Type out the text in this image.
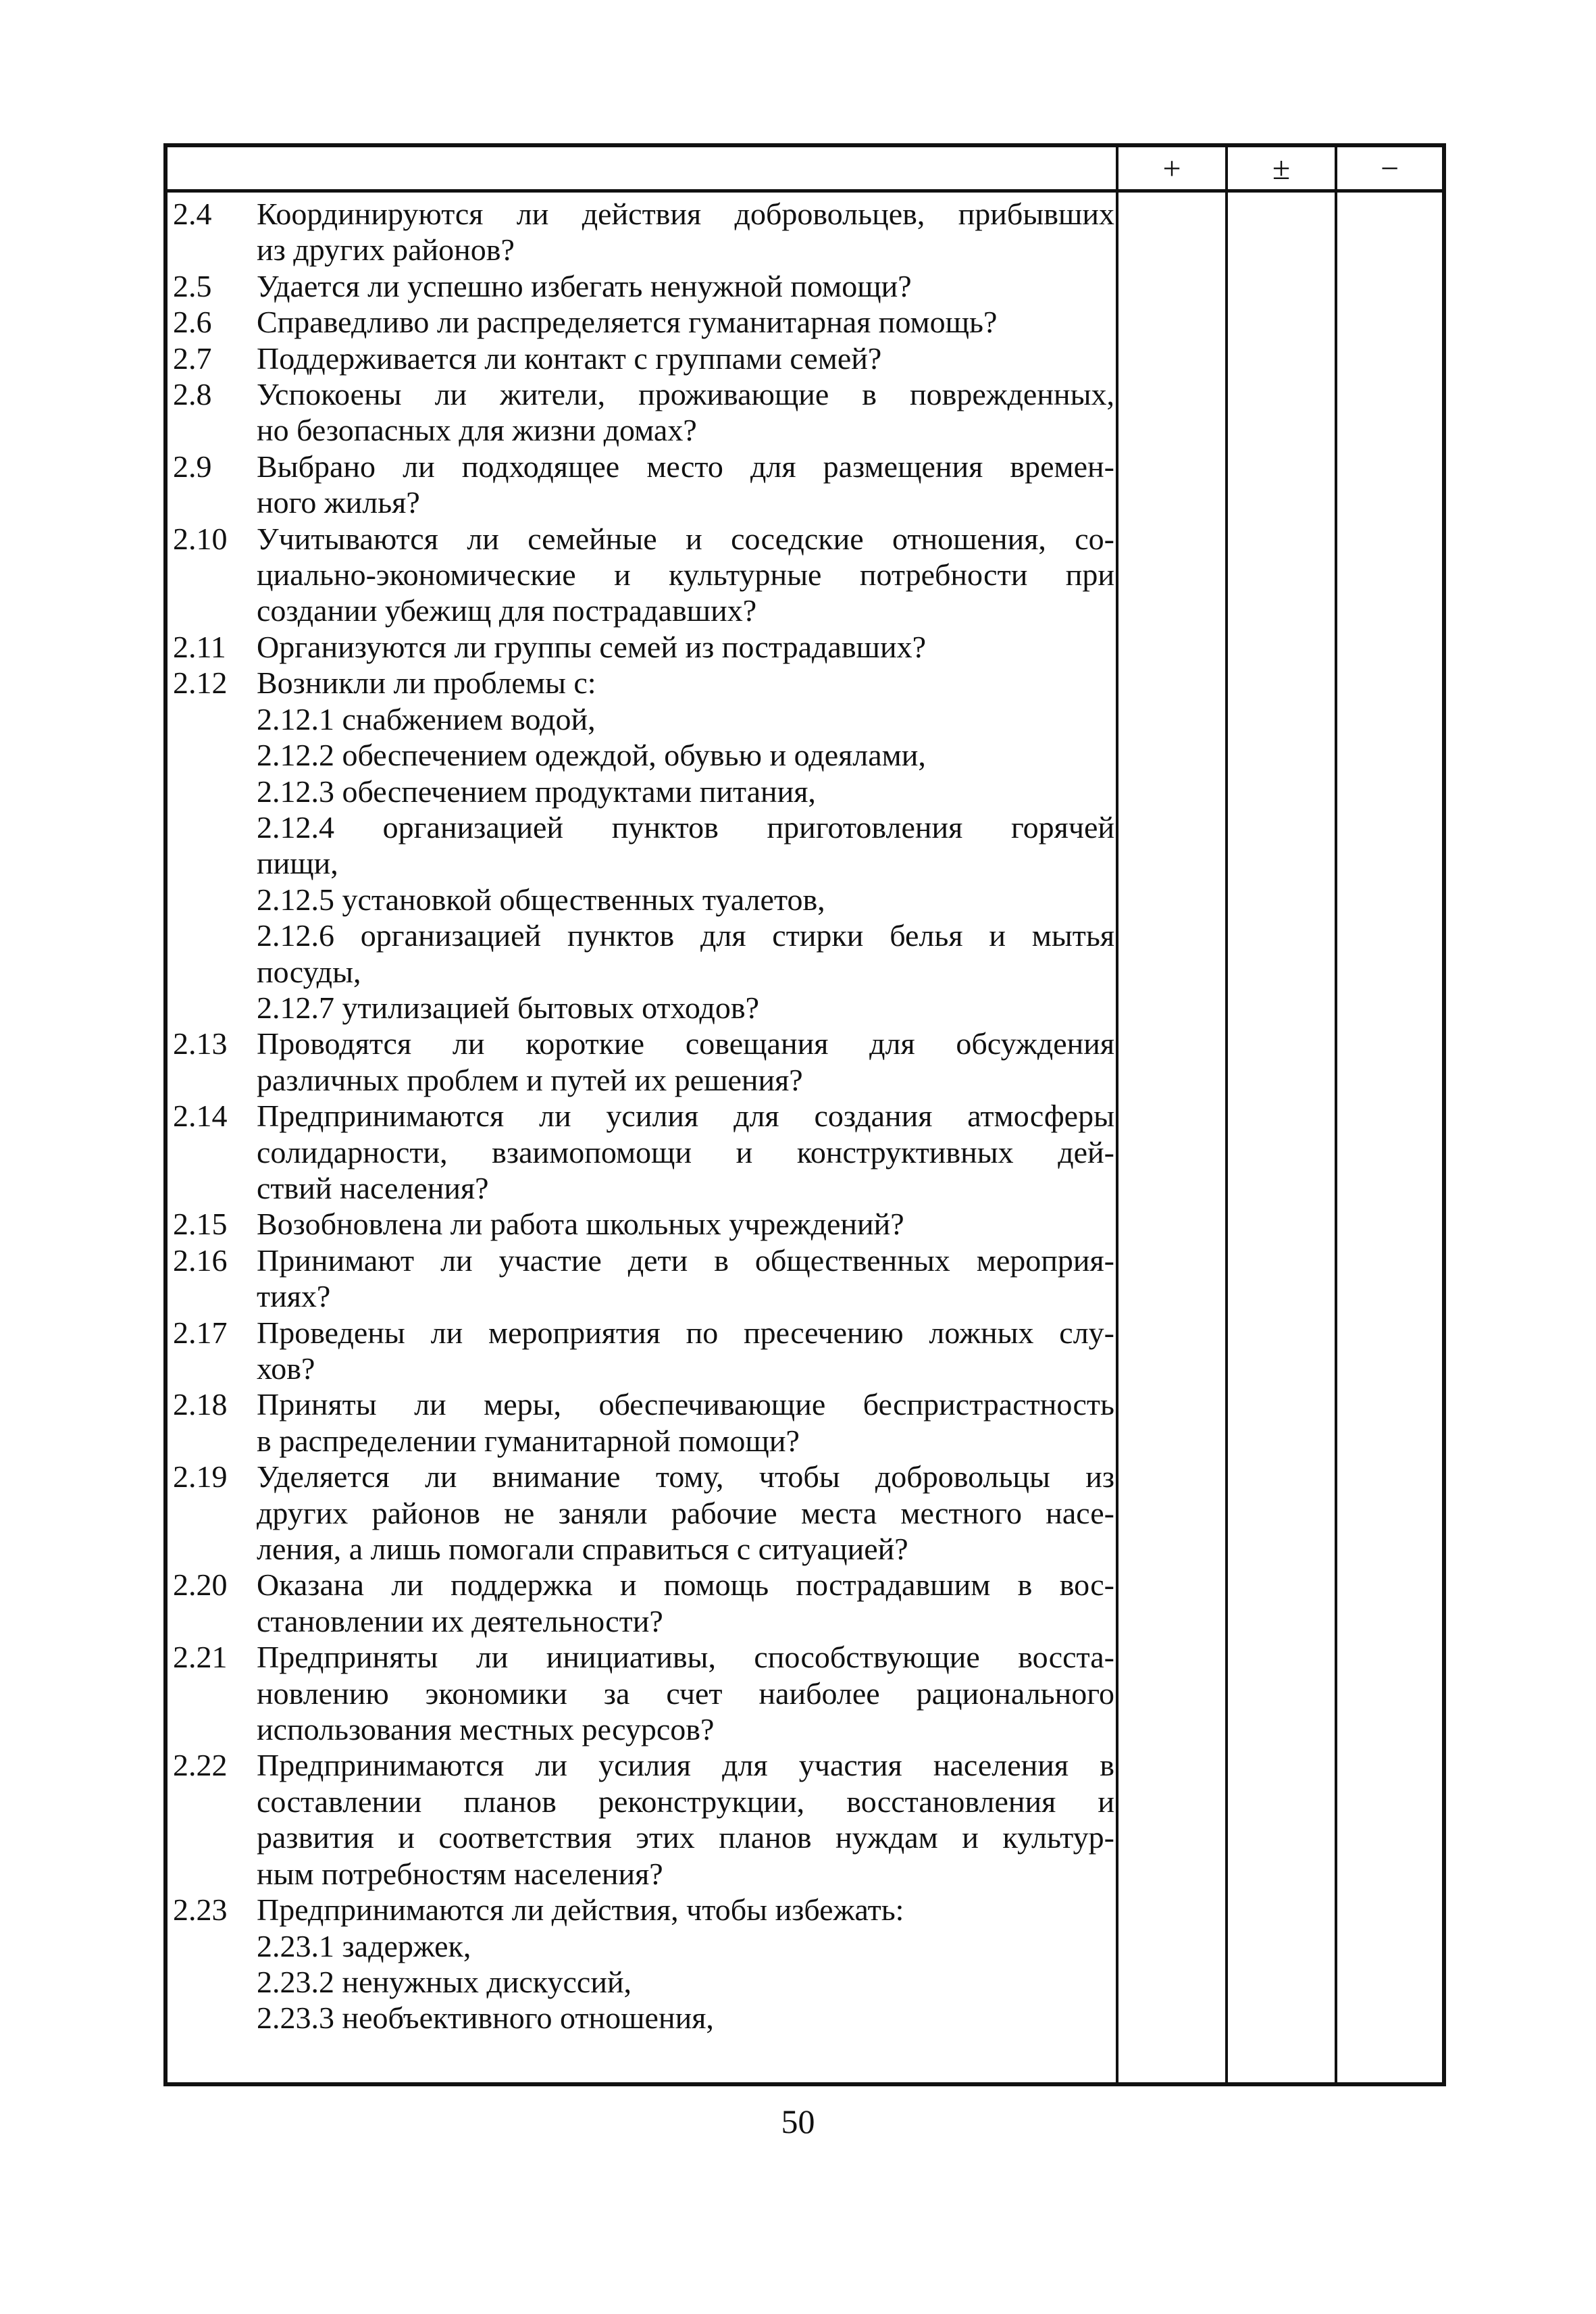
+	±	−
2.4	Координируются ли действия добровольцев, прибывших
из других районов?
2.5	Удается ли успешно избегать ненужной помощи?
2.6	Справедливо ли распределяется гуманитарная помощь?
2.7	Поддерживается ли контакт с группами семей?
2.8	Успокоены ли жители, проживающие в поврежденных,
но безопасных для жизни домах?
2.9	Выбрано ли подходящее место для размещения времен-
ного жилья?
2.10 Учитываются ли семейные и соседские отношения, со-
циально-экономические и культурные потребности при
создании убежищ для пострадавших?
2.11 Организуются ли группы семей из пострадавших?
2.12 Возникли ли проблемы с:
2.12.1 снабжением водой,
2.12.2 обеспечением одеждой, обувью и одеялами,
2.12.3 обеспечением продуктами питания,
2.12.4 организацией пунктов приготовления горячей
пищи,
2.12.5 установкой общественных туалетов,
2.12.6 организацией пунктов для стирки белья и мытья
посуды,
2.12.7 утилизацией бытовых отходов?
2.13 Проводятся ли короткие совещания для обсуждения
различных проблем и путей их решения?
2.14 Предпринимаются ли усилия для создания атмосферы
солидарности, взаимопомощи и конструктивных дей-
ствий населения?
2.15 Возобновлена ли работа школьных учреждений?
2.16 Принимают ли участие дети в общественных мероприя-
тиях?
2.17 Проведены ли мероприятия по пресечению ложных слу-
хов?
2.18 Приняты ли меры, обеспечивающие беспристрастность
в распределении гуманитарной помощи?
2.19 Уделяется ли внимание тому, чтобы добровольцы из
других районов не заняли рабочие места местного насе-
ления, а лишь помогали справиться с ситуацией?
2.20 Оказана ли поддержка и помощь пострадавшим в вос-
становлении их деятельности?
2.21 Предприняты ли инициативы, способствующие восста-
новлению экономики за счет наиболее рационального
использования местных ресурсов?
2.22 Предпринимаются ли усилия для участия населения в
составлении планов реконструкции, восстановления и
развития и соответствия этих планов нуждам и культур-
ным потребностям населения?
2.23 Предпринимаются ли действия, чтобы избежать:
2.23.1 задержек,
2.23.2 ненужных дискуссий,
2.23.3 необъективного отношения,
50
